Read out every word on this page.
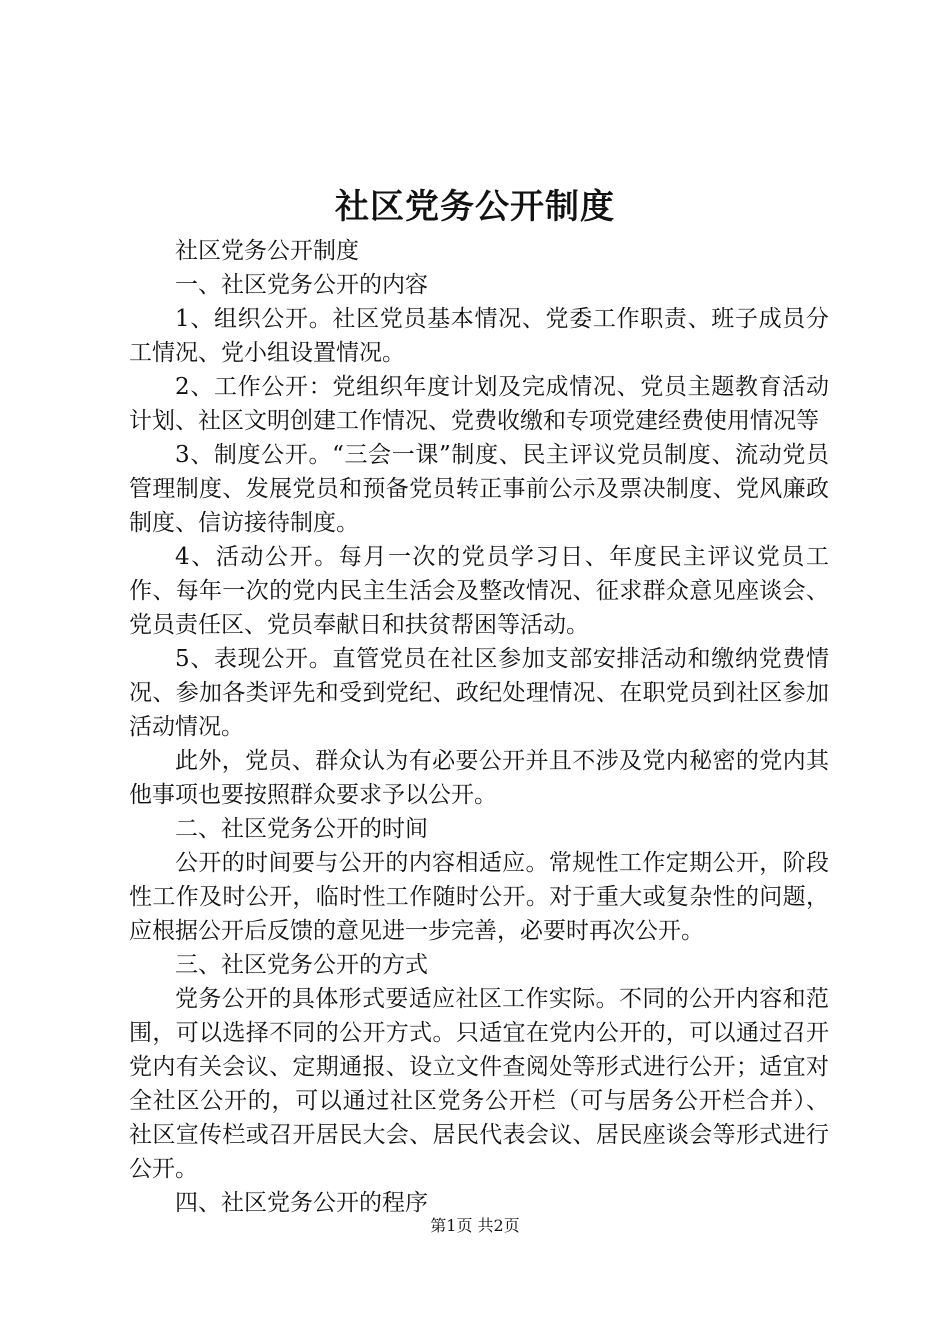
社区党务公开制度

社区党务公开制度

一、社区党务公开的内容

1、组织公开。社区党员基本情况、党委工作职责、班子成员分工情况、党小组设置情况。

2、工作公开：党组织年度计划及完成情况、党员主题教育活动计划、社区文明创建工作情况、党费收缴和专项党建经费使用情况等

3、制度公开。“三会一课”制度、民主评议党员制度、流动党员管理制度、发展党员和预备党员转正事前公示及票决制度、党风廉政制度、信访接待制度。

4、活动公开。每月一次的党员学习日、年度民主评议党员工作、每年一次的党内民主生活会及整改情况、征求群众意见座谈会、党员责任区、党员奉献日和扶贫帮困等活动。

5、表现公开。直管党员在社区参加支部安排活动和缴纳党费情况、参加各类评先和受到党纪、政纪处理情况、在职党员到社区参加活动情况。

此外，党员、群众认为有必要公开并且不涉及党内秘密的党内其他事项也要按照群众要求予以公开。

二、社区党务公开的时间

公开的时间要与公开的内容相适应。常规性工作定期公开，阶段性工作及时公开，临时性工作随时公开。对于重大或复杂性的问题，应根据公开后反馈的意见进一步完善，必要时再次公开。

三、社区党务公开的方式

党务公开的具体形式要适应社区工作实际。不同的公开内容和范围，可以选择不同的公开方式。只适宜在党内公开的，可以通过召开党内有关会议、定期通报、设立文件查阅处等形式进行公开；适宜对全社区公开的，可以通过社区党务公开栏（可与居务公开栏合并）、社区宣传栏或召开居民大会、居民代表会议、居民座谈会等形式进行公开。

四、社区党务公开的程序

第1页 共2页
